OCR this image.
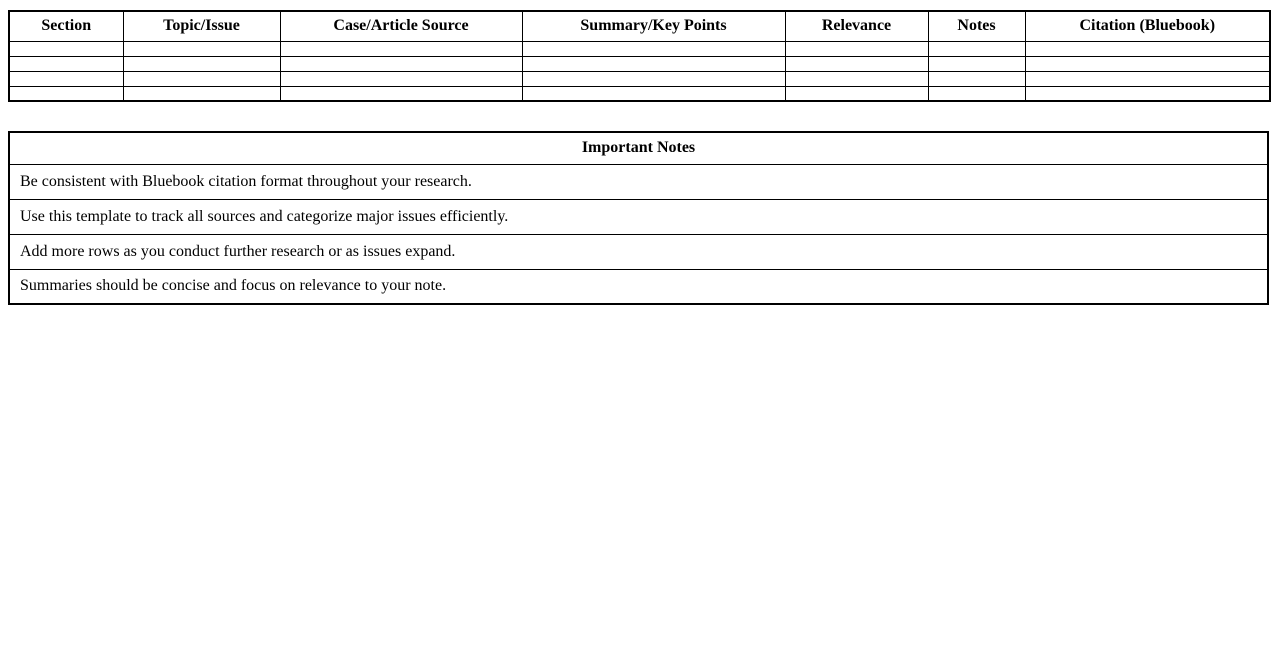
Section	Topic/Issue	Case/Article Source	Summary/Key Points	Relevance	Notes	Citation (Bluebook)

Important Notes
Be consistent with Bluebook citation format throughout your research.
Use this template to track all sources and categorize major issues efficiently.
Add more rows as you conduct further research or as issues expand.
Summaries should be concise and focus on relevance to your note.
